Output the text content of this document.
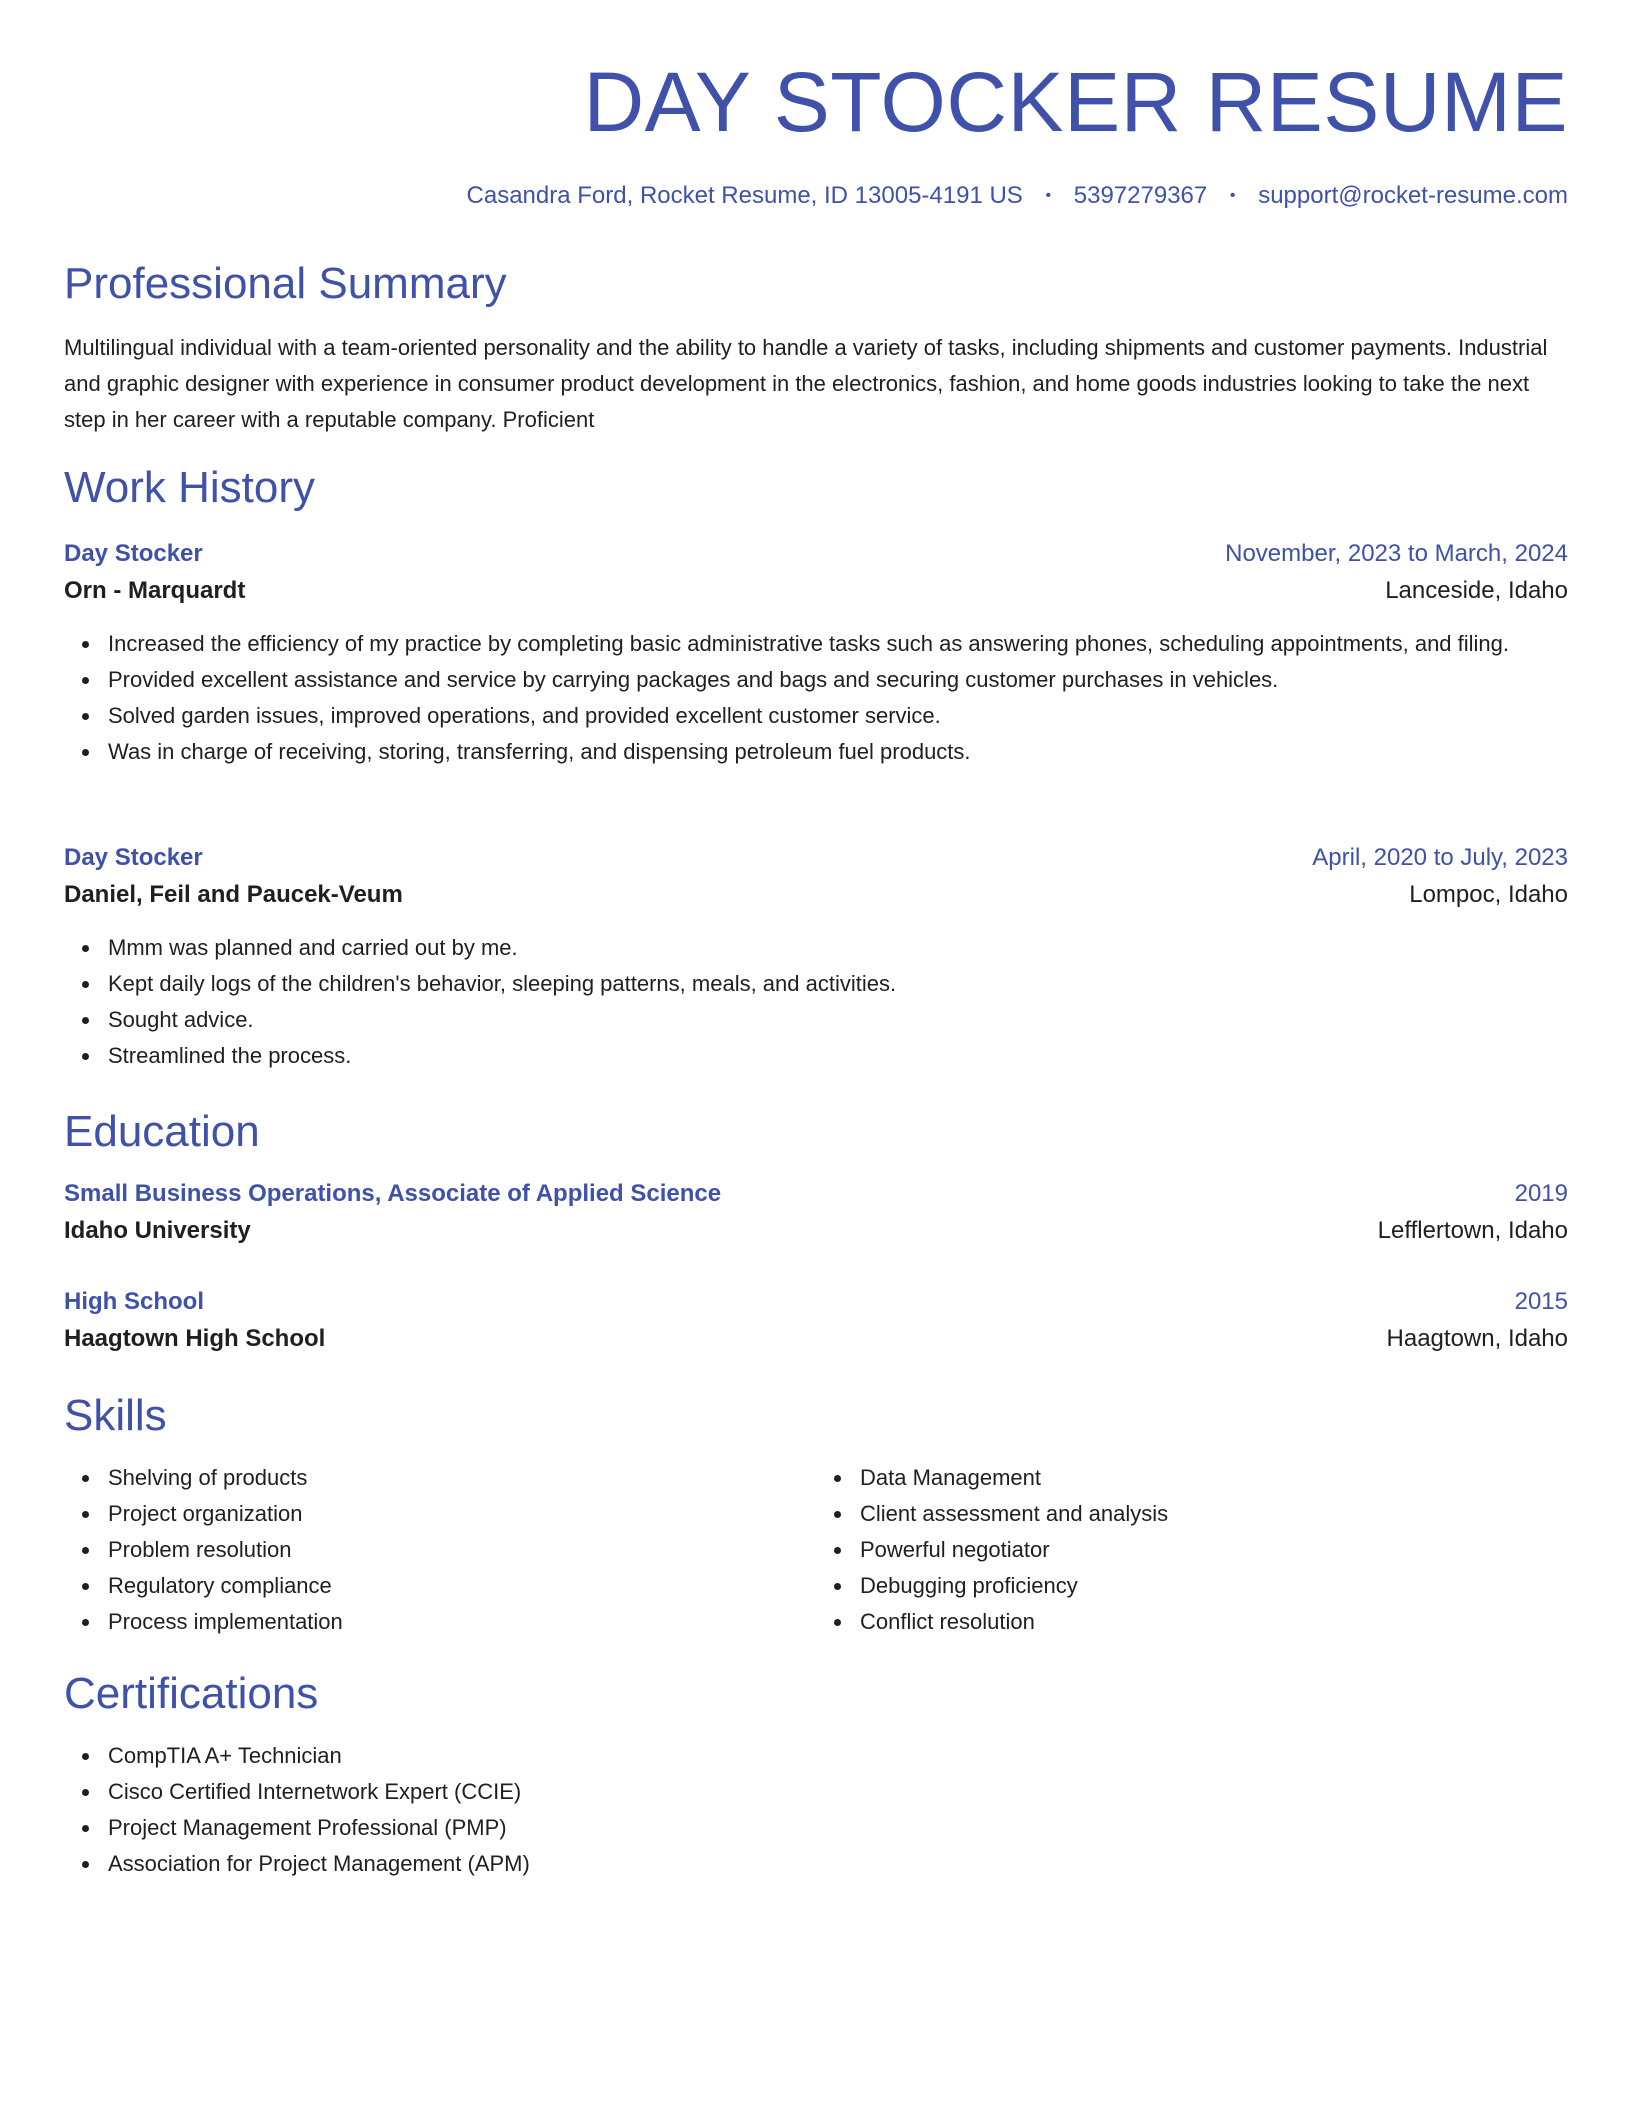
DAY STOCKER RESUME
Casandra Ford, Rocket Resume, ID 13005-4191 US • 5397279367 • support@rocket-resume.com
Professional Summary

Multilingual individual with a team-oriented personality and the ability to handle a variety of tasks, including shipments and customer payments. Industrial and graphic designer with experience in consumer product development in the electronics, fashion, and home goods industries looking to take the next step in her career with a reputable company. Proficient

Work History
Day Stocker	November, 2023 to March, 2024
Orn - Marquardt	Lanceside, Idaho
Increased the efficiency of my practice by completing basic administrative tasks such as answering phones, scheduling appointments, and filing.
Provided excellent assistance and service by carrying packages and bags and securing customer purchases in vehicles.
Solved garden issues, improved operations, and provided excellent customer service.
Was in charge of receiving, storing, transferring, and dispensing petroleum fuel products.
Day Stocker	April, 2020 to July, 2023
Daniel, Feil and Paucek-Veum	Lompoc, Idaho
Mmm was planned and carried out by me.
Kept daily logs of the children's behavior, sleeping patterns, meals, and activities.
Sought advice.
Streamlined the process.
Education
Small Business Operations, Associate of Applied Science	2019
Idaho University	Lefflertown, Idaho
High School	2015
Haagtown High School	Haagtown, Idaho
Skills
Shelving of products
Project organization
Problem resolution
Regulatory compliance
Process implementation
Data Management
Client assessment and analysis
Powerful negotiator
Debugging proficiency
Conflict resolution
Certifications
CompTIA A+ Technician
Cisco Certified Internetwork Expert (CCIE)
Project Management Professional (PMP)
Association for Project Management (APM)
